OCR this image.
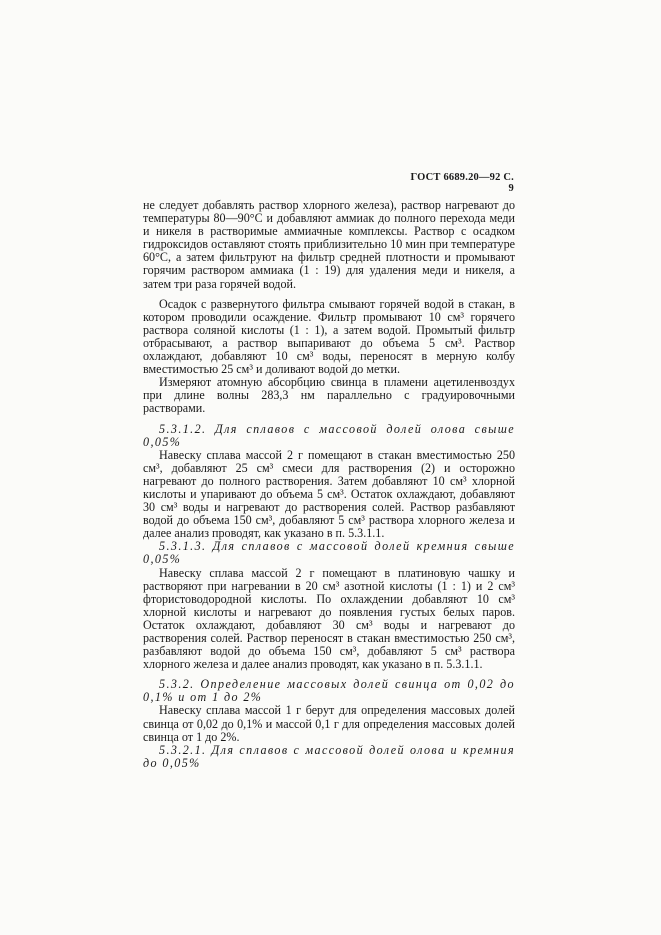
ГОСТ 6689.20—92 С. 9

не следует добавлять раствор хлорного железа), раствор нагревают до температуры 80—90°С и добавляют аммиак до полного перехода меди и никеля в растворимые аммиачные комплексы. Раствор с осадком гидроксидов оставляют стоять приблизительно 10 мин при температуре 60°С, а затем фильтруют на фильтр средней плотности и промывают горячим раствором аммиака (1 : 19) для удаления меди и никеля, а затем три раза горячей водой.

Осадок с развернутого фильтра смывают горячей водой в стакан, в котором проводили осаждение. Фильтр промывают 10 см³ горячего раствора соляной кислоты (1 : 1), а затем водой. Промытый фильтр отбрасывают, а раствор выпаривают до объема 5 см³. Раствор охлаждают, добавляют 10 см³ воды, переносят в мерную колбу вместимостью 25 см³ и доливают водой до метки.

Измеряют атомную абсорбцию свинца в пламени ацетиленвоздух при длине волны 283,3 нм параллельно с градуировочными растворами.

5.3.1.2. Для сплавов с массовой долей олова свыше 0,05%

Навеску сплава массой 2 г помещают в стакан вместимостью 250 см³, добавляют 25 см³ смеси для растворения (2) и осторожно нагревают до полного растворения. Затем добавляют 10 см³ хлорной кислоты и упаривают до объема 5 см³. Остаток охлаждают, добавляют 30 см³ воды и нагревают до растворения солей. Раствор разбавляют водой до объема 150 см³, добавляют 5 см³ раствора хлорного железа и далее анализ проводят, как указано в п. 5.3.1.1.

5.3.1.3. Для сплавов с массовой долей кремния свыше 0,05%

Навеску сплава массой 2 г помещают в платиновую чашку и растворяют при нагревании в 20 см³ азотной кислоты (1 : 1) и 2 см³ фтористоводородной кислоты. По охлаждении добавляют 10 см³ хлорной кислоты и нагревают до появления густых белых паров. Остаток охлаждают, добавляют 30 см³ воды и нагревают до растворения солей. Раствор переносят в стакан вместимостью 250 см³, разбавляют водой до объема 150 см³, добавляют 5 см³ раствора хлорного железа и далее анализ проводят, как указано в п. 5.3.1.1.

5.3.2. Определение массовых долей свинца от 0,02 до 0,1% и от 1 до 2%

Навеску сплава массой 1 г берут для определения массовых долей свинца от 0,02 до 0,1% и массой 0,1 г для определения массовых долей свинца от 1 до 2%.

5.3.2.1. Для сплавов с массовой долей олова и кремния до 0,05%
